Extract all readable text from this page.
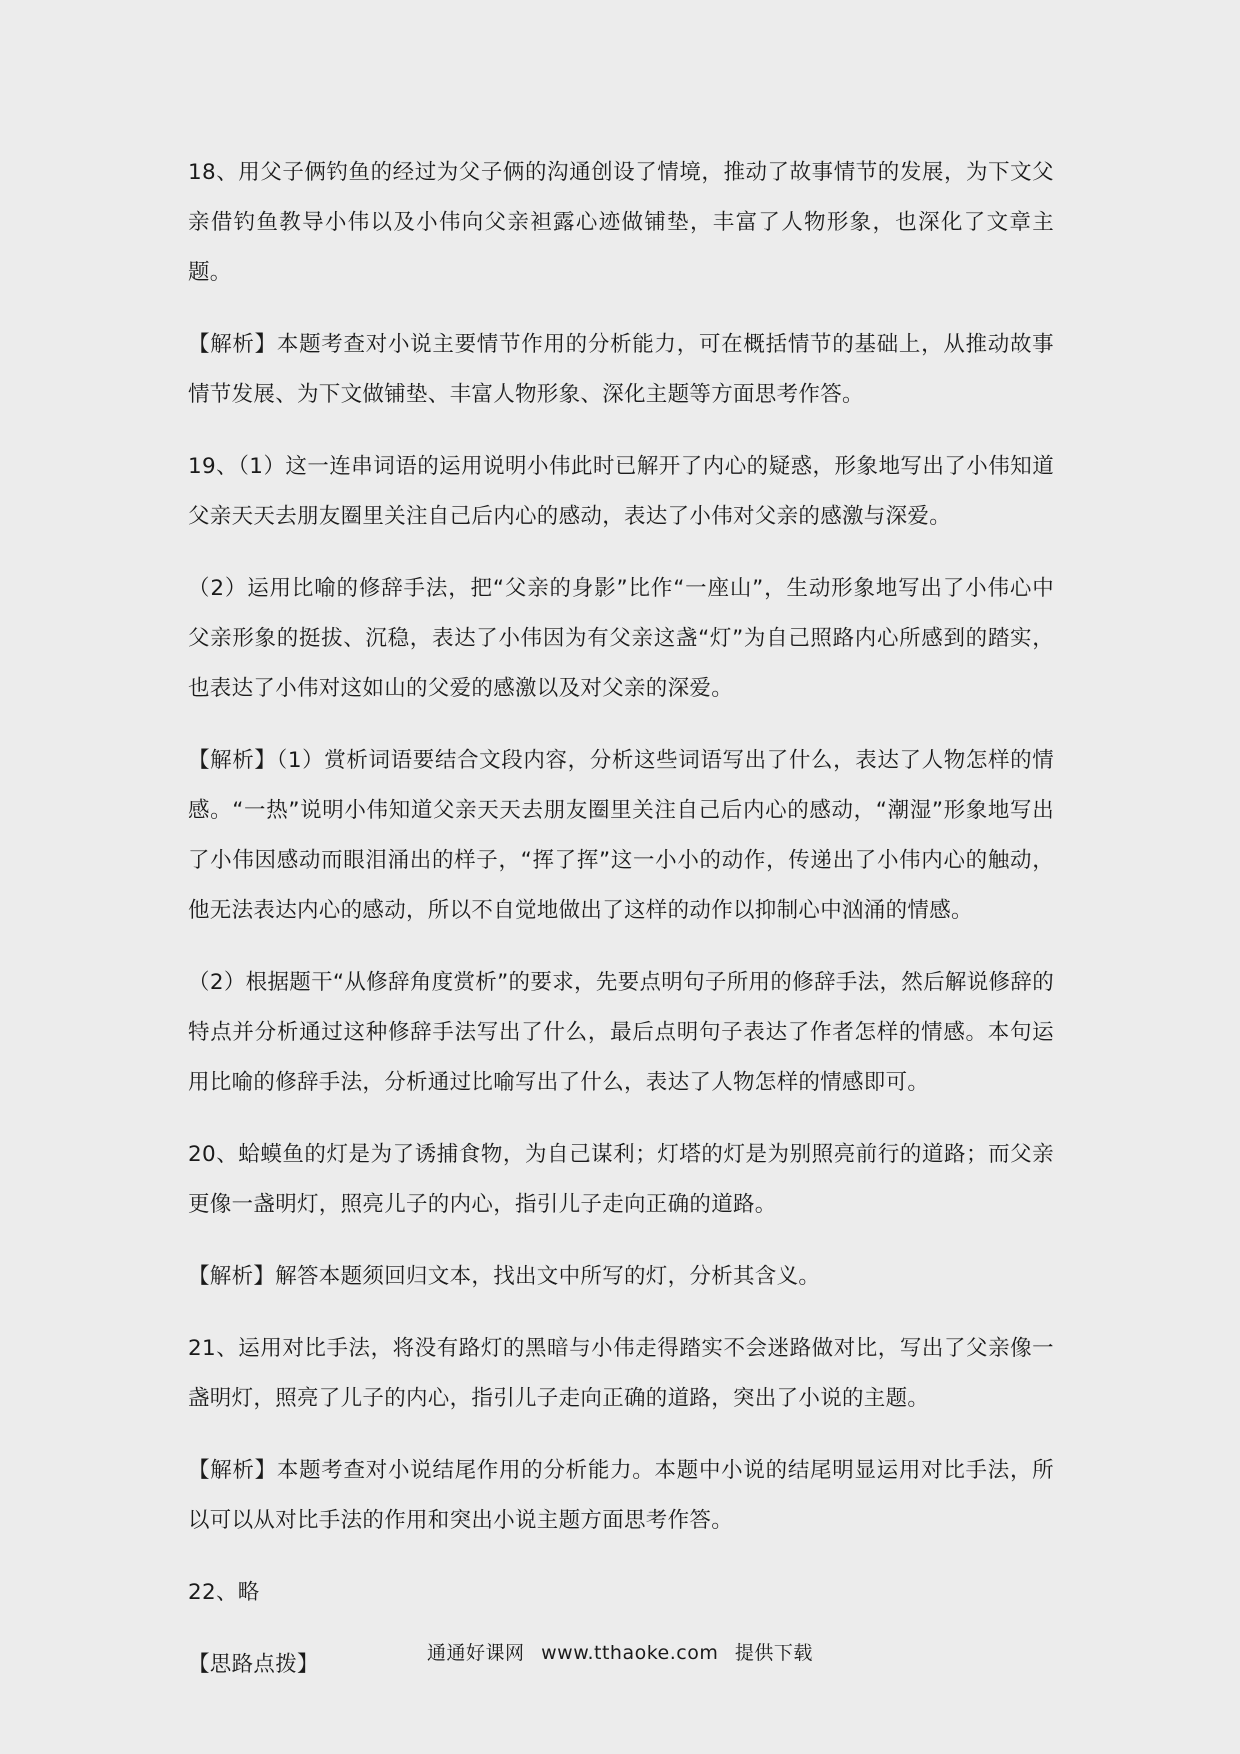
18、用父子俩钓鱼的经过为父子俩的沟通创设了情境，推动了故事情节的发展，为下文父亲借钓鱼教导小伟以及小伟向父亲袒露心迹做铺垫，丰富了人物形象，也深化了文章主题。

【解析】本题考查对小说主要情节作用的分析能力，可在概括情节的基础上，从推动故事情节发展、为下文做铺垫、丰富人物形象、深化主题等方面思考作答。

19、（1）这一连串词语的运用说明小伟此时已解开了内心的疑惑，形象地写出了小伟知道父亲天天去朋友圈里关注自己后内心的感动，表达了小伟对父亲的感激与深爱。

（2）运用比喻的修辞手法，把“父亲的身影”比作“一座山”，生动形象地写出了小伟心中父亲形象的挺拔、沉稳，表达了小伟因为有父亲这盏“灯”为自己照路内心所感到的踏实，也表达了小伟对这如山的父爱的感激以及对父亲的深爱。

【解析】（1）赏析词语要结合文段内容，分析这些词语写出了什么，表达了人物怎样的情感。“一热”说明小伟知道父亲天天去朋友圈里关注自己后内心的感动，“潮湿”形象地写出了小伟因感动而眼泪涌出的样子，“挥了挥”这一小小的动作，传递出了小伟内心的触动，他无法表达内心的感动，所以不自觉地做出了这样的动作以抑制心中汹涌的情感。

（2）根据题干“从修辞角度赏析”的要求，先要点明句子所用的修辞手法，然后解说修辞的特点并分析通过这种修辞手法写出了什么，最后点明句子表达了作者怎样的情感。本句运用比喻的修辞手法，分析通过比喻写出了什么，表达了人物怎样的情感即可。

20、蛤蟆鱼的灯是为了诱捕食物，为自己谋利；灯塔的灯是为别照亮前行的道路；而父亲更像一盏明灯，照亮儿子的内心，指引儿子走向正确的道路。

【解析】解答本题须回归文本，找出文中所写的灯，分析其含义。

21、运用对比手法，将没有路灯的黑暗与小伟走得踏实不会迷路做对比，写出了父亲像一盏明灯，照亮了儿子的内心，指引儿子走向正确的道路，突出了小说的主题。

【解析】本题考查对小说结尾作用的分析能力。本题中小说的结尾明显运用对比手法，所以可以从对比手法的作用和突出小说主题方面思考作答。

22、略

【思路点拨】	通通好课网 www.tthaoke.com 提供下载
